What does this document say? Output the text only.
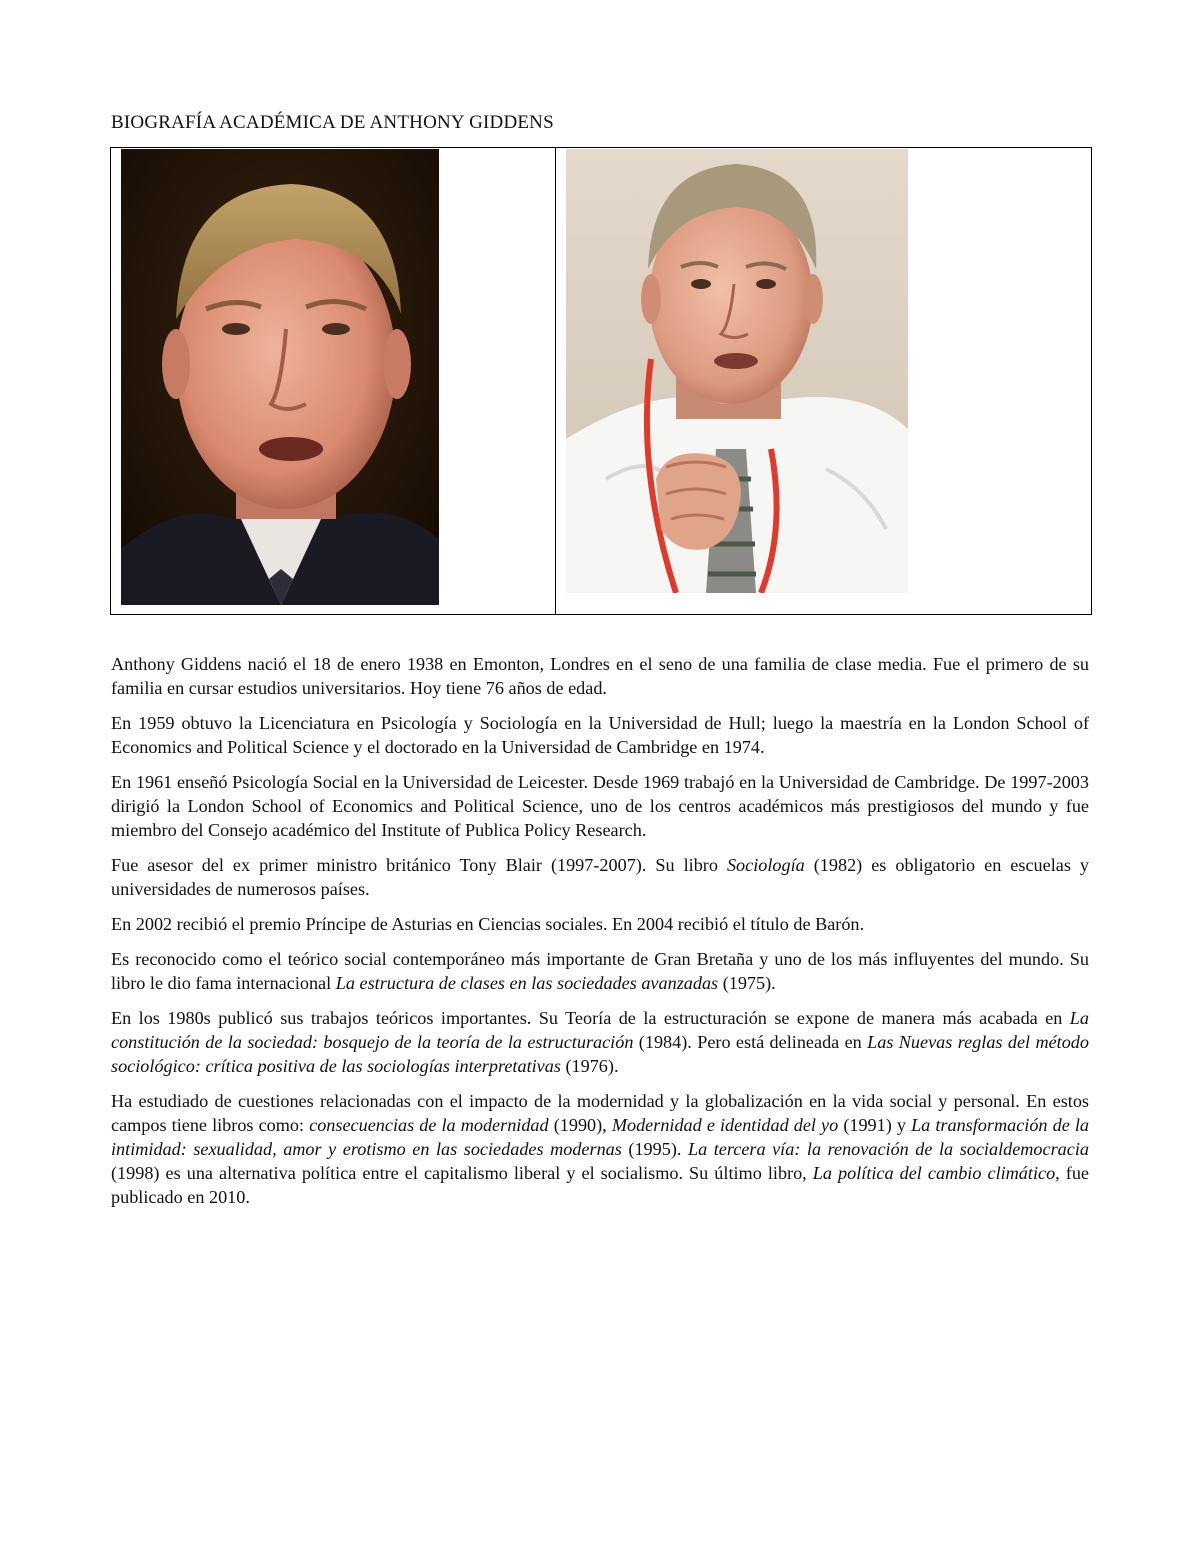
BIOGRAFÍA ACADÉMICA DE ANTHONY GIDDENS

Anthony Giddens nació el 18 de enero 1938 en Emonton, Londres en el seno de una familia de clase media. Fue el primero de su familia en cursar estudios universitarios. Hoy tiene 76 años de edad.

En 1959 obtuvo la Licenciatura en Psicología y Sociología en la Universidad de Hull; luego la maestría en la London School of Economics and Political Science y el doctorado en la Universidad de Cambridge en 1974.

En 1961 enseñó Psicología Social en la Universidad de Leicester. Desde 1969 trabajó en la Universidad de Cambridge. De 1997-2003 dirigió la London School of Economics and Political Science, uno de los centros académicos más prestigiosos del mundo y fue miembro del Consejo académico del Institute of Publica Policy Research.

Fue asesor del ex primer ministro británico Tony Blair (1997-2007). Su libro Sociología (1982) es obligatorio en escuelas y universidades de numerosos países.

En 2002 recibió el premio Príncipe de Asturias en Ciencias sociales. En 2004 recibió el título de Barón.

Es reconocido como el teórico social contemporáneo más importante de Gran Bretaña y uno de los más influyentes del mundo. Su libro le dio fama internacional La estructura de clases en las sociedades avanzadas (1975).

En los 1980s publicó sus trabajos teóricos importantes. Su Teoría de la estructuración se expone de manera más acabada en La constitución de la sociedad: bosquejo de la teoría de la estructuración (1984). Pero está delineada en Las Nuevas reglas del método sociológico: crítica positiva de las sociologías interpretativas (1976).

Ha estudiado de cuestiones relacionadas con el impacto de la modernidad y la globalización en la vida social y personal. En estos campos tiene libros como: consecuencias de la modernidad (1990), Modernidad e identidad del yo (1991) y La transformación de la intimidad: sexualidad, amor y erotismo en las sociedades modernas (1995). La tercera vía: la renovación de la socialdemocracia (1998) es una alternativa política entre el capitalismo liberal y el socialismo. Su último libro, La política del cambio climático, fue publicado en 2010.
